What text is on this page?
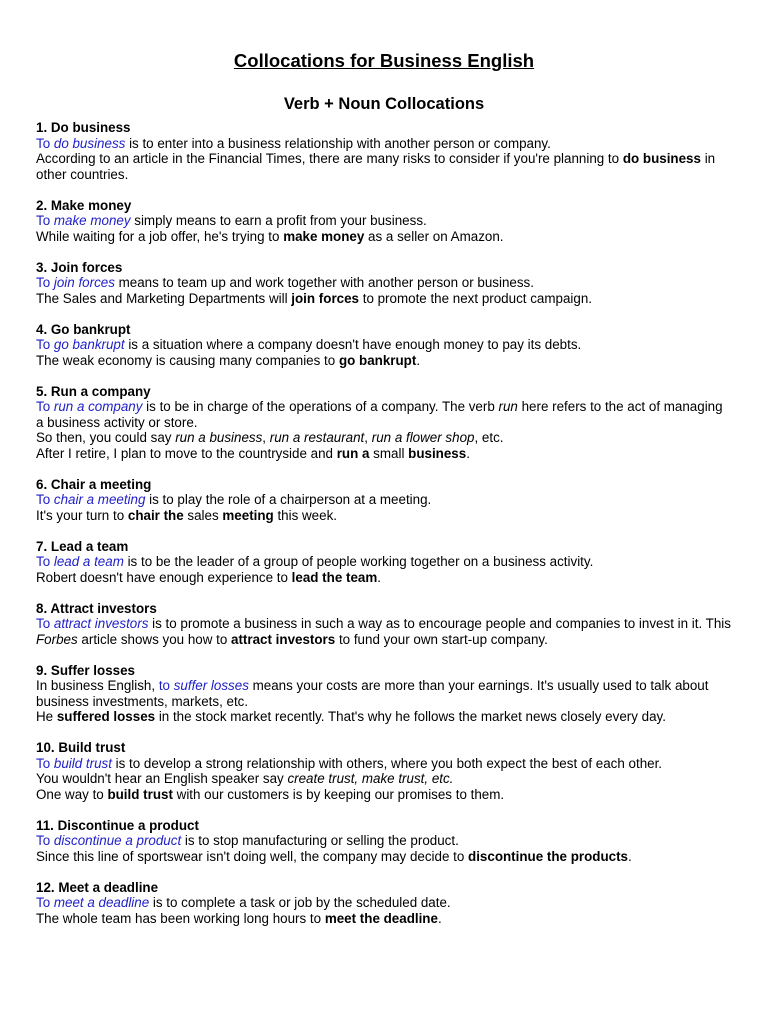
Collocations for Business English
Verb + Noun Collocations

1. Do business

To do business is to enter into a business relationship with another person or company.

According to an article in the Financial Times, there are many risks to consider if you're planning to do business in other countries.

2. Make money

To make money simply means to earn a profit from your business.

While waiting for a job offer, he's trying to make money as a seller on Amazon.

3. Join forces

To join forces means to team up and work together with another person or business.

The Sales and Marketing Departments will join forces to promote the next product campaign.

4. Go bankrupt

To go bankrupt is a situation where a company doesn't have enough money to pay its debts.

The weak economy is causing many companies to go bankrupt.

5. Run a company

To run a company is to be in charge of the operations of a company. The verb run here refers to the act of managing a business activity or store.

So then, you could say run a business, run a restaurant, run a flower shop, etc.

After I retire, I plan to move to the countryside and run a small business.

6. Chair a meeting

To chair a meeting is to play the role of a chairperson at a meeting.

It's your turn to chair the sales meeting this week.

7. Lead a team

To lead a team is to be the leader of a group of people working together on a business activity.

Robert doesn't have enough experience to lead the team.

8. Attract investors

To attract investors is to promote a business in such a way as to encourage people and companies to invest in it. This Forbes article shows you how to attract investors to fund your own start-up company.

9. Suffer losses

In business English, to suffer losses means your costs are more than your earnings. It's usually used to talk about business investments, markets, etc.

He suffered losses in the stock market recently. That's why he follows the market news closely every day.

10. Build trust

To build trust is to develop a strong relationship with others, where you both expect the best of each other.

You wouldn't hear an English speaker say create trust, make trust, etc.

One way to build trust with our customers is by keeping our promises to them.

11. Discontinue a product

To discontinue a product is to stop manufacturing or selling the product.

Since this line of sportswear isn't doing well, the company may decide to discontinue the products.

12. Meet a deadline

To meet a deadline is to complete a task or job by the scheduled date.

The whole team has been working long hours to meet the deadline.
